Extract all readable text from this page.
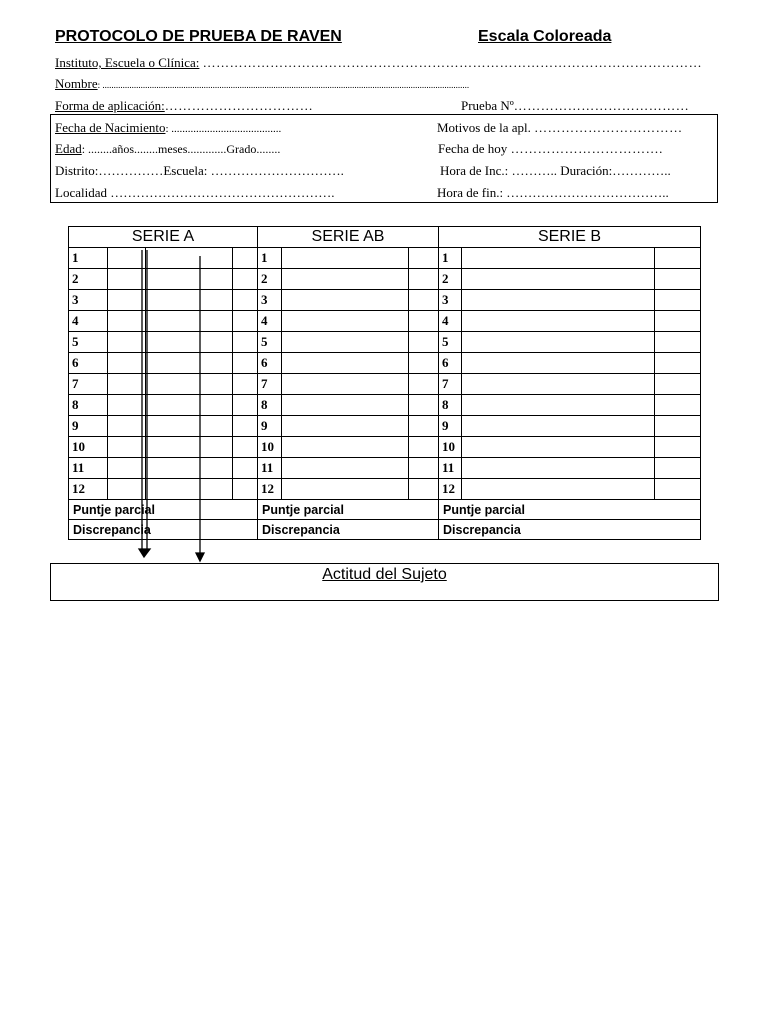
PROTOCOLO DE PRUEBA DE RAVEN	Escala Coloreada
Instituto, Escuela o Clínica: …………………………………………………………………………………………………
Nombre: ...................................................................................................................................................................
Forma de aplicación:……………………………	Prueba Nº…………………………………
Fecha de Nacimiento: ........................................	Motivos de la apl. ……………………………
Edad: ........años........meses.............Grado........	Fecha de hoy …………………………….
Distrito:……………Escuela: ………………………….	Hora de Inc.: ……….. Duración:…………..
Localidad …………………………………………….	Hora de fin.: ………………………………..
SERIE A				SERIE AB			SERIE B		
1				1			1		
2				2			2		
3				3			3		
4				4			4		
5				5			5		
6				6			6		
7				7			7		
8				8			8		
9				9			9		
10				10			10		
11				11			11		
12				12			12		
Puntje parcial				Puntje parcial			Puntje parcial		
Discrepancia				Discrepancia			Discrepancia		
Actitud del Sujeto
